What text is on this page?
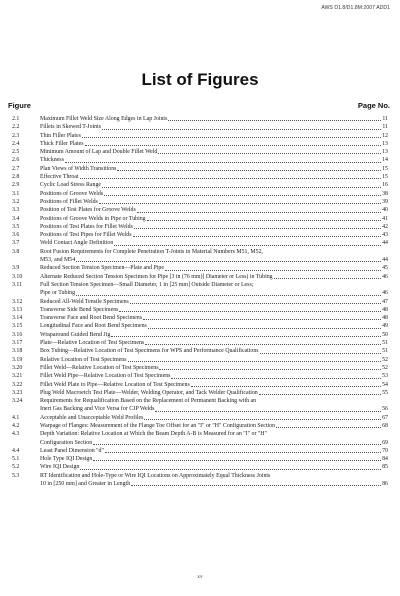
AWS D1.8/D1.8M:2007 ADD1
List of Figures
Figure	Page No.
2.1	Maximum Fillet Weld Size Along Edges in Lap Joints	11
2.2	Fillets in Skewed T-Joints	11
2.3	Thin Filler Plates	12
2.4	Thick Filler Plates	13
2.5	Minimum Amount of Lap and Double Fillet Weld	13
2.6	Thickness	14
2.7	Plan Views of Width Transitions	15
2.8	Effective Throat	15
2.9	Cyclic Load Stress Range	16
3.1	Positions of Groove Welds	38
3.2	Positions of Fillet Welds	39
3.3	Position of Test Plates for Groove Welds	40
3.4	Positions of Groove Welds in Pipe or Tubing	41
3.5	Positions of Test Plates for Fillet Welds	42
3.6	Positions of Test Pipes for Fillet Welds	43
3.7	Weld Contact Angle Definition	44
3.8	Root Fusion Requirements for Complete Penetration T-Joints in Material Numbers M51, M52,
M53, and M54	44
3.9	Reduced Section Tension Specimen—Plate and Pipe	45
3.10	Alternate Reduced Section Tension Specimen for Pipe [3 in (76 mm)] Diameter or Less) in Tubing	46
3.11	Full Section Tension Specimen—Small Diameter, 1 in [25 mm] Outside Diameter or Less;
Pipe or Tubing	46
3.12	Reduced All-Weld Tensile Specimens	47
3.13	Transverse Side Bend Specimens	48
3.14	Transverse Face and Root Bend Specimens	48
3.15	Longitudinal Face and Root Bend Specimens	49
3.16	Wraparound Guided Bend Jig	50
3.17	Plate—Relative Location of Test Specimens	51
3.18	Box Tubing—Relative Location of Test Specimens for WPS and Performance Qualifications	51
3.19	Relative Location of Test Specimens	52
3.20	Fillet Weld—Relative Location of Test Specimens	52
3.21	Fillet Weld Pipe—Relative Location of Test Specimens	53
3.22	Fillet Weld Plate to Pipe—Relative Location of Test Specimens	54
3.23	Plug Weld Macroetch Test Plate—Welder, Welding Operator, and Tack Welder Qualification	55
3.24	Requirements for Requalification Based on the Replacement of Permanent Backing with an
Inert Gas Backing and Vice Versa for CJP Welds	56
4.1	Acceptable and Unacceptable Weld Profiles	67
4.2	Warpage of Flanges: Measurement of the Flange Toe Offset for an "I" or "H" Configuration Section	68
4.3	Depth Variation: Relative Location at Which the Beam Depth A-B is Measured for an "I" or "H"
Configuration Section	69
4.4	Least Panel Dimension "d"	70
5.1	Hole Type IQI Design	84
5.2	Wire IQI Design	85
5.3	RT Identification and Hole-Type or Wire IQI Locations on Approximately Equal Thickness Joints
10 in [250 mm] and Greater in Length	86
xv
